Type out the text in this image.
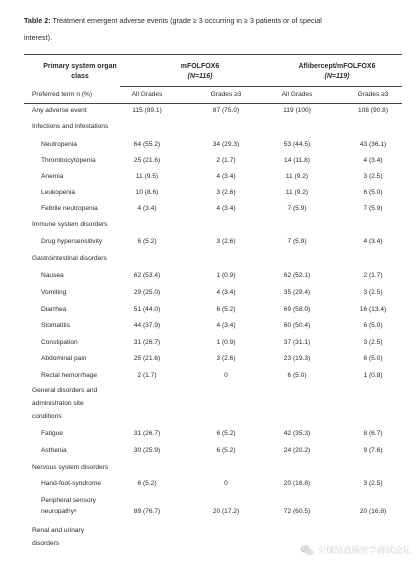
Table 2: Treatment emergent adverse events (grade ≥ 3 occurring in ≥ 3 patients or of special
interest).
Primary system organ
class
mFOLFOX6
(N=116)
Aflibercept/mFOLFOX6
(N=119)
Preferred term n (%)	All Grades	Grades ≥3	All Grades	Grades ≥3
Any adverse event	115 (99.1)	87 (75.0)	119 (100)	108 (90.8)
Infections and infestations
Neutropenia	64 (55.2)	34 (29.3)	53 (44.5)	43 (36.1)
Thrombocytopenia	25 (21.6)	2 (1.7)	14 (11.8)	4 (3.4)
Anemia	11 (9.5)	4 (3.4)	11 (9.2)	3 (2.5)
Leukopenia	10 (8.6)	3 (2.6)	11 (9.2)	6 (5.0)
Febrile neutropenia	4 (3.4)	4 (3.4)	7 (5.9)	7 (5.9)
Immune system disorders
Drug hypersensitivity	6 (5.2)	3 (2.6)	7 (5.9)	4 (3.4)
Gastrointestinal disorders
Nausea	62 (53.4)	1 (0.9)	62 (52.1)	2 (1.7)
Vomiting	29 (25.0)	4 (3.4)	35 (29.4)	3 (2.5)
Diarrhea	51 (44.0)	6 (5.2)	69 (58.0)	16 (13.4)
Stomatitis	44 (37.9)	4 (3.4)	60 (50.4)	6 (5.0)
Constipation	31 (26.7)	1 (0.9)	37 (31.1)	3 (2.5)
Abdominal pain	25 (21.6)	3 (2.6)	23 (19.3)	6 (5.0)
Rectal hemorrhage	2 (1.7)	0	6 (5.0)	1 (0.8)
General disorders and
administraton site
conditions
Fatigue	31 (26.7)	6 (5.2)	42 (35.3)	8 (6.7)
Asthenia	30 (25.9)	6 (5.2)	24 (20.2)	9 (7.6)
Nervous system disorders
Hand-foot-syndrome	6 (5.2)	0	20 (16.8)	3 (2.5)
Peripheral sensory
neuropathyᵃ	89 (76.7)	20 (17.2)	72 (60.5)	20 (16.8)
Renal and urinary
disorders
全球结直肠医学商试论坛
